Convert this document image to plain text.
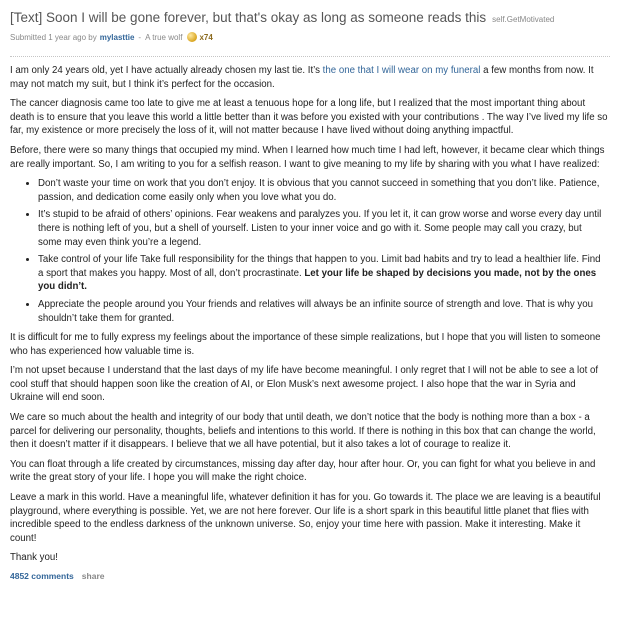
[Text] Soon I will be gone forever, but that's okay as long as someone reads this self.GetMotivated
Submitted 1 year ago by mylasttie - A true wolf x74

I am only 24 years old, yet I have actually already chosen my last tie. It’s the one that I will wear on my funeral a few months from now. It may not match my suit, but I think it’s perfect for the occasion.

The cancer diagnosis came too late to give me at least a tenuous hope for a long life, but I realized that the most important thing about death is to ensure that you leave this world a little better than it was before you existed with your contributions . The way I’ve lived my life so far, my existence or more precisely the loss of it, will not matter because I have lived without doing anything impactful.

Before, there were so many things that occupied my mind. When I learned how much time I had left, however, it became clear which things are really important. So, I am writing to you for a selfish reason. I want to give meaning to my life by sharing with you what I have realized:

• Don’t waste your time on work that you don’t enjoy. It is obvious that you cannot succeed in something that you don’t like. Patience, passion, and dedication come easily only when you love what you do.
• It’s stupid to be afraid of others’ opinions. Fear weakens and paralyzes you. If you let it, it can grow worse and worse every day until there is nothing left of you, but a shell of yourself. Listen to your inner voice and go with it. Some people may call you crazy, but some may even think you’re a legend.
• Take control of your life Take full responsibility for the things that happen to you. Limit bad habits and try to lead a healthier life. Find a sport that makes you happy. Most of all, don’t procrastinate. Let your life be shaped by decisions you made, not by the ones you didn’t.
• Appreciate the people around you Your friends and relatives will always be an infinite source of strength and love. That is why you shouldn’t take them for granted.

It is difficult for me to fully express my feelings about the importance of these simple realizations, but I hope that you will listen to someone who has experienced how valuable time is.

I’m not upset because I understand that the last days of my life have become meaningful. I only regret that I will not be able to see a lot of cool stuff that should happen soon like the creation of AI, or Elon Musk’s next awesome project. I also hope that the war in Syria and Ukraine will end soon.

We care so much about the health and integrity of our body that until death, we don’t notice that the body is nothing more than a box - a parcel for delivering our personality, thoughts, beliefs and intentions to this world. If there is nothing in this box that can change the world, then it doesn’t matter if it disappears. I believe that we all have potential, but it also takes a lot of courage to realize it.

You can float through a life created by circumstances, missing day after day, hour after hour. Or, you can fight for what you believe in and write the great story of your life. I hope you will make the right choice.

Leave a mark in this world. Have a meaningful life, whatever definition it has for you. Go towards it. The place we are leaving is a beautiful playground, where everything is possible. Yet, we are not here forever. Our life is a short spark in this beautiful little planet that flies with incredible speed to the endless darkness of the unknown universe. So, enjoy your time here with passion. Make it interesting. Make it count!

Thank you!

4852 comments share
